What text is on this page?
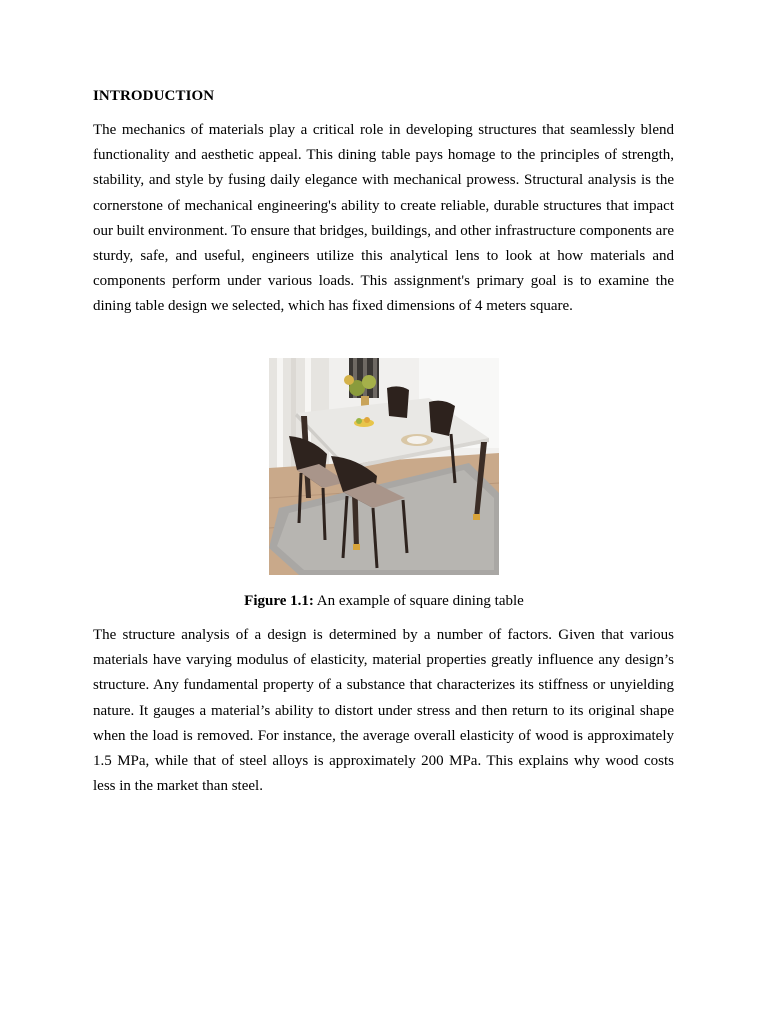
INTRODUCTION

The mechanics of materials play a critical role in developing structures that seamlessly blend functionality and aesthetic appeal. This dining table pays homage to the principles of strength, stability, and style by fusing daily elegance with mechanical prowess. Structural analysis is the cornerstone of mechanical engineering's ability to create reliable, durable structures that impact our built environment. To ensure that bridges, buildings, and other infrastructure components are sturdy, safe, and useful, engineers utilize this analytical lens to look at how materials and components perform under various loads. This assignment's primary goal is to examine the dining table design we selected, which has fixed dimensions of 4 meters square.

Figure 1.1: An example of square dining table

The structure analysis of a design is determined by a number of factors. Given that various materials have varying modulus of elasticity, material properties greatly influence any design’s structure. Any fundamental property of a substance that characterizes its stiffness or unyielding nature. It gauges a material’s ability to distort under stress and then return to its original shape when the load is removed. For instance, the average overall elasticity of wood is approximately 1.5 MPa, while that of steel alloys is approximately 200 MPa. This explains why wood costs less in the market than steel.
